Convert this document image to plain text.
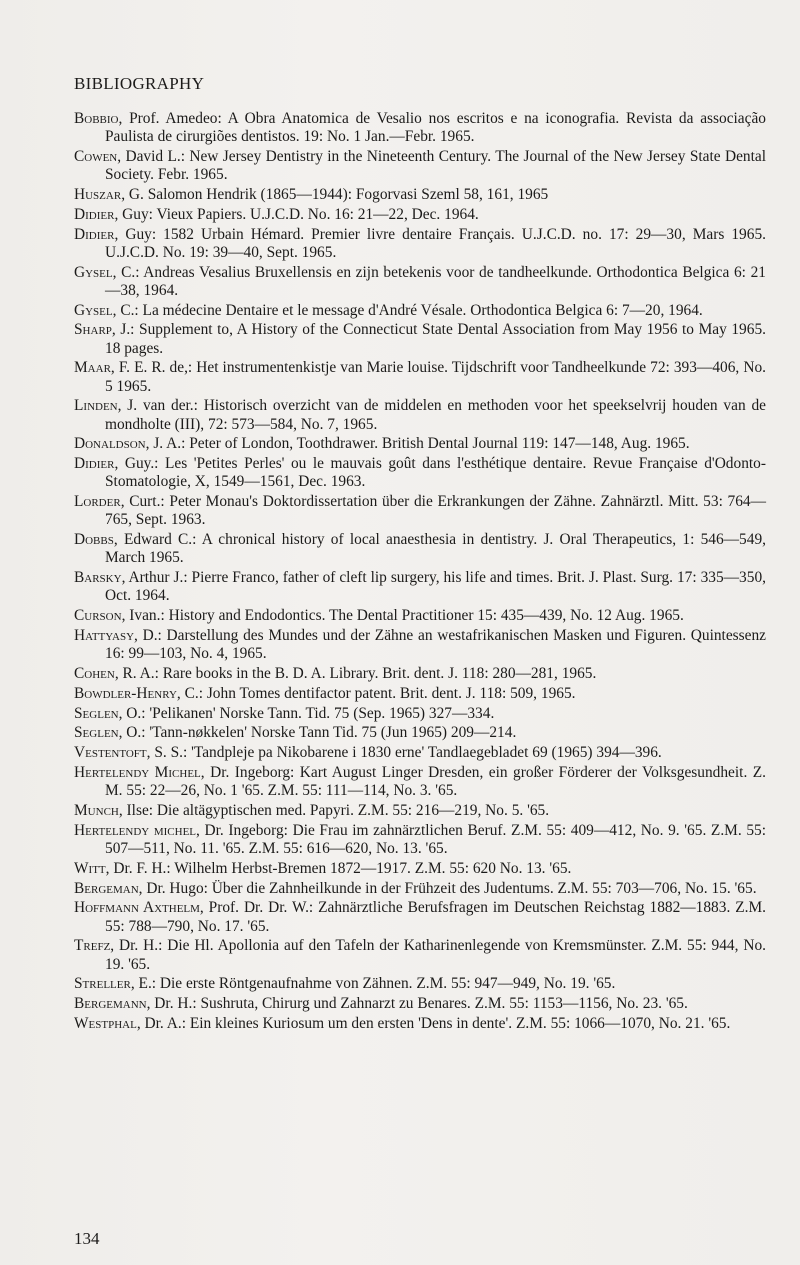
BIBLIOGRAPHY
Bobbio, Prof. Amedeo: A Obra Anatomica de Vesalio nos escritos e na iconografia. Revista da associação Paulista de cirurgiões dentistos. 19: No. 1 Jan.—Febr. 1965.
Cowen, David L.: New Jersey Dentistry in the Nineteenth Century. The Journal of the New Jersey State Dental Society. Febr. 1965.
Huszar, G. Salomon Hendrik (1865—1944): Fogorvasi Szeml 58, 161, 1965
Didier, Guy: Vieux Papiers. U.J.C.D. No. 16: 21—22, Dec. 1964.
Didier, Guy: 1582 Urbain Hémard. Premier livre dentaire Français. U.J.C.D. no. 17: 29—30, Mars 1965. U.J.C.D. No. 19: 39—40, Sept. 1965.
Gysel, C.: Andreas Vesalius Bruxellensis en zijn betekenis voor de tandheelkunde. Orthodontica Belgica 6: 21—38, 1964.
Gysel, C.: La médecine Dentaire et le message d'André Vésale. Orthodontica Belgica 6: 7—20, 1964.
Sharp, J.: Supplement to, A History of the Connecticut State Dental Association from May 1956 to May 1965. 18 pages.
Maar, F. E. R. de,: Het instrumentenkistje van Marie louise. Tijdschrift voor Tandheelkunde 72: 393—406, No. 5 1965.
Linden, J. van der.: Historisch overzicht van de middelen en methoden voor het speekselvrij houden van de mondholte (III), 72: 573—584, No. 7, 1965.
Donaldson, J. A.: Peter of London, Toothdrawer. British Dental Journal 119: 147—148, Aug. 1965.
Didier, Guy.: Les 'Petites Perles' ou le mauvais goût dans l'esthétique dentaire. Revue Française d'Odonto-Stomatologie, X, 1549—1561, Dec. 1963.
Lorder, Curt.: Peter Monau's Doktordissertation über die Erkrankungen der Zähne. Zahnärztl. Mitt. 53: 764—765, Sept. 1963.
Dobbs, Edward C.: A chronical history of local anaesthesia in dentistry. J. Oral Therapeutics, 1: 546—549, March 1965.
Barsky, Arthur J.: Pierre Franco, father of cleft lip surgery, his life and times. Brit. J. Plast. Surg. 17: 335—350, Oct. 1964.
Curson, Ivan.: History and Endodontics. The Dental Practitioner 15: 435—439, No. 12 Aug. 1965.
Hattyasy, D.: Darstellung des Mundes und der Zähne an westafrikanischen Masken und Figuren. Quintessenz 16: 99—103, No. 4, 1965.
Cohen, R. A.: Rare books in the B. D. A. Library. Brit. dent. J. 118: 280—281, 1965.
Bowdler-Henry, C.: John Tomes dentifactor patent. Brit. dent. J. 118: 509, 1965.
Seglen, O.: 'Pelikanen' Norske Tann. Tid. 75 (Sep. 1965) 327—334.
Seglen, O.: 'Tann-nøkkelen' Norske Tann Tid. 75 (Jun 1965) 209—214.
Vestentoft, S. S.: 'Tandpleje pa Nikobarene i 1830 erne' Tandlaegebladet 69 (1965) 394—396.
Hertelendy Michel, Dr. Ingeborg: Kart August Linger Dresden, ein großer Förderer der Volksgesundheit. Z. M. 55: 22—26, No. 1 '65. Z.M. 55: 111—114, No. 3. '65.
Munch, Ilse: Die altägyptischen med. Papyri. Z.M. 55: 216—219, No. 5. '65.
Hertelendy michel, Dr. Ingeborg: Die Frau im zahnärztlichen Beruf. Z.M. 55: 409—412, No. 9. '65. Z.M. 55: 507—511, No. 11. '65. Z.M. 55: 616—620, No. 13. '65.
Witt, Dr. F. H.: Wilhelm Herbst-Bremen 1872—1917. Z.M. 55: 620 No. 13. '65.
Bergeman, Dr. Hugo: Über die Zahnheilkunde in der Frühzeit des Judentums. Z.M. 55: 703—706, No. 15. '65.
Hoffmann Axthelm, Prof. Dr. Dr. W.: Zahnärztliche Berufsfragen im Deutschen Reichstag 1882—1883. Z.M. 55: 788—790, No. 17. '65.
Trefz, Dr. H.: Die Hl. Apollonia auf den Tafeln der Katharinenlegende von Kremsmünster. Z.M. 55: 944, No. 19. '65.
Streller, E.: Die erste Röntgenaufnahme von Zähnen. Z.M. 55: 947—949, No. 19. '65.
Bergemann, Dr. H.: Sushruta, Chirurg und Zahnarzt zu Benares. Z.M. 55: 1153—1156, No. 23. '65.
Westphal, Dr. A.: Ein kleines Kuriosum um den ersten 'Dens in dente'. Z.M. 55: 1066—1070, No. 21. '65.
134
